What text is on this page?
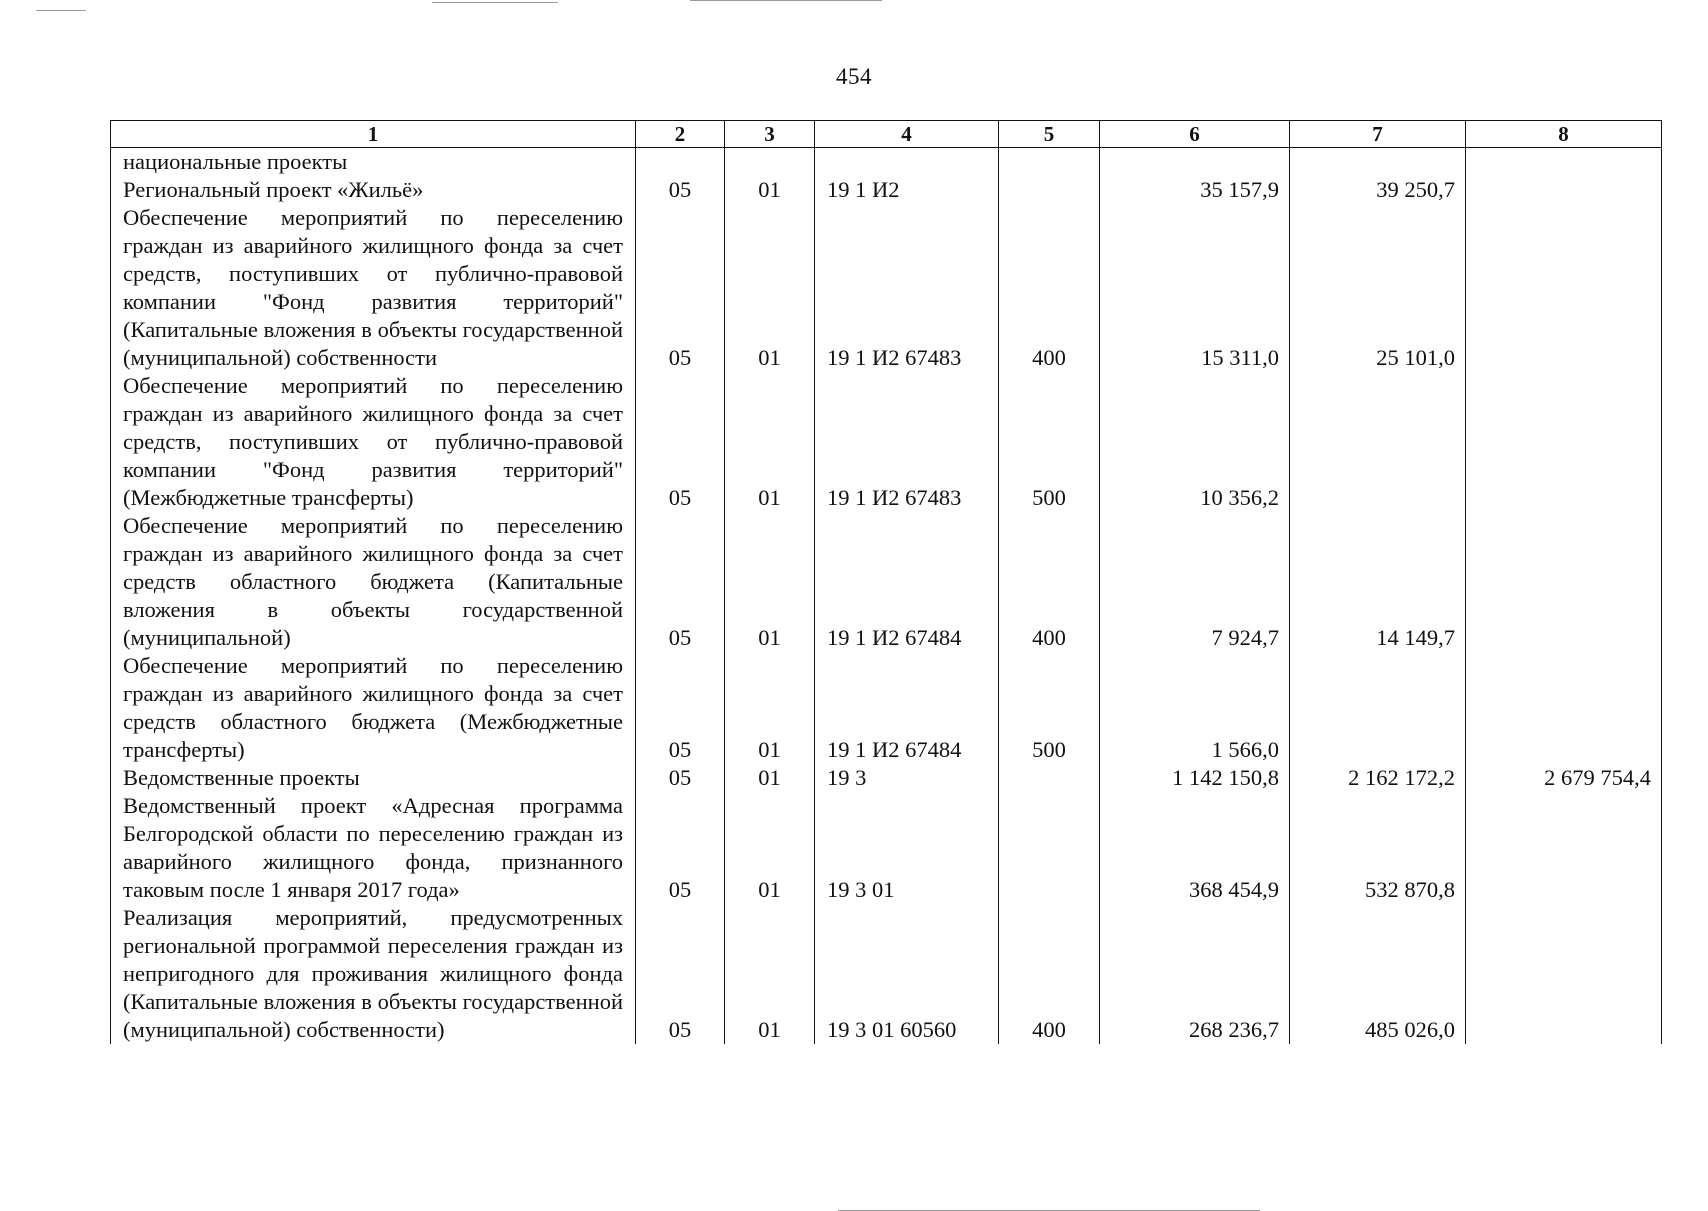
454
1	2	3	4	5	6	7	8
национальные проекты							
Региональный проект «Жильё»	05	01	19 1 И2		35 157,9	39 250,7	
Обеспечение мероприятий по переселению граждан из аварийного жилищного фонда за счет средств, поступивших от публично-правовой компании "Фонд развития территорий" (Капитальные вложения в объекты государственной (муниципальной) собственности	05	01	19 1 И2 67483	400	15 311,0	25 101,0	
Обеспечение мероприятий по переселению граждан из аварийного жилищного фонда за счет средств, поступивших от публично-правовой компании "Фонд развития территорий" (Межбюджетные трансферты)	05	01	19 1 И2 67483	500	10 356,2		
Обеспечение мероприятий по переселению граждан из аварийного жилищного фонда за счет средств областного бюджета (Капитальные вложения в объекты государственной (муниципальной)	05	01	19 1 И2 67484	400	7 924,7	14 149,7	
Обеспечение мероприятий по переселению граждан из аварийного жилищного фонда за счет средств областного бюджета (Межбюджетные трансферты)	05	01	19 1 И2 67484	500	1 566,0		
Ведомственные проекты	05	01	19 3		1 142 150,8	2 162 172,2	2 679 754,4
Ведомственный проект «Адресная программа Белгородской области по переселению граждан из аварийного жилищного фонда, признанного таковым после 1 января 2017 года»	05	01	19 3 01		368 454,9	532 870,8	
Реализация мероприятий, предусмотренных региональной программой переселения граждан из непригодного для проживания жилищного фонда (Капитальные вложения в объекты государственной (муниципальной) собственности)	05	01	19 3 01 60560	400	268 236,7	485 026,0	
